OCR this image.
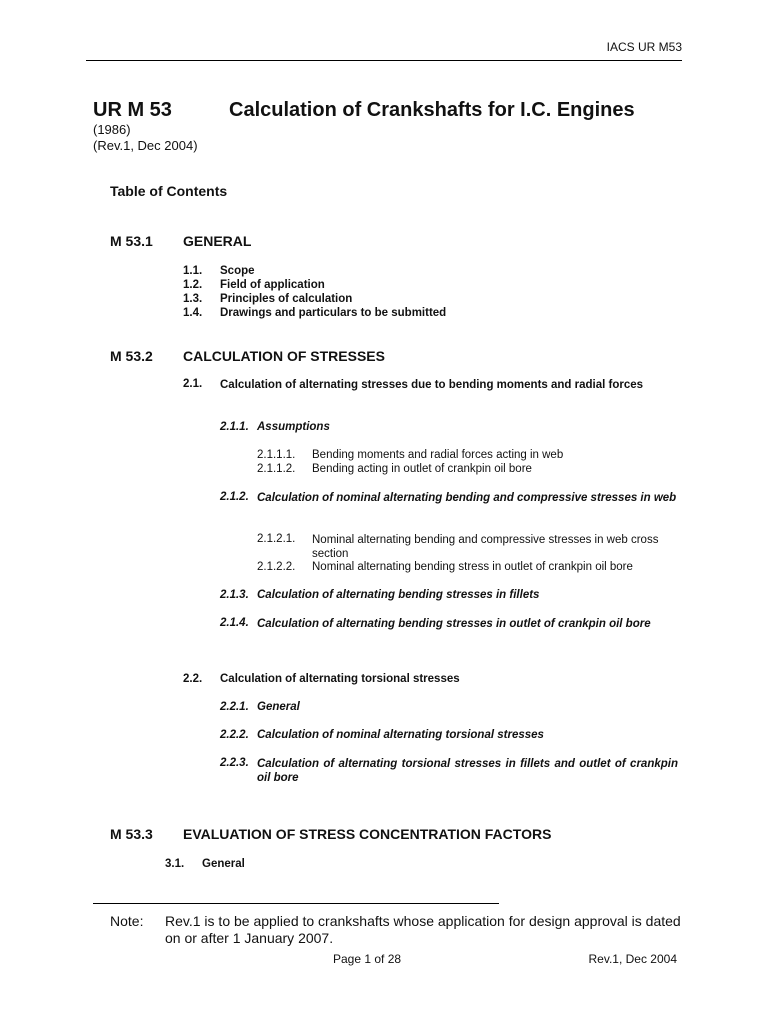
IACS UR M53
UR M 53	Calculation of Crankshafts for I.C. Engines
(1986)
(Rev.1, Dec 2004)
Table of Contents
M 53.1 GENERAL
1.1. Scope
1.2. Field of application
1.3. Principles of calculation
1.4. Drawings and particulars to be submitted
M 53.2 CALCULATION OF STRESSES
2.1. Calculation of alternating stresses due to bending moments and radial forces
2.1.1. Assumptions
2.1.1.1. Bending moments and radial forces acting in web
2.1.1.2. Bending acting in outlet of crankpin oil bore
2.1.2. Calculation of nominal alternating bending and compressive stresses in web
2.1.2.1. Nominal alternating bending and compressive stresses in web cross section
2.1.2.2. Nominal alternating bending stress in outlet of crankpin oil bore
2.1.3. Calculation of alternating bending stresses in fillets
2.1.4. Calculation of alternating bending stresses in outlet of crankpin oil bore
2.2. Calculation of alternating torsional stresses
2.2.1. General
2.2.2. Calculation of nominal alternating torsional stresses
2.2.3. Calculation of alternating torsional stresses in fillets and outlet of crankpin oil bore
M 53.3 EVALUATION OF STRESS CONCENTRATION FACTORS
3.1. General
Note: Rev.1 is to be applied to crankshafts whose application for design approval is dated on or after 1 January 2007.
Page 1 of 28	Rev.1, Dec 2004
